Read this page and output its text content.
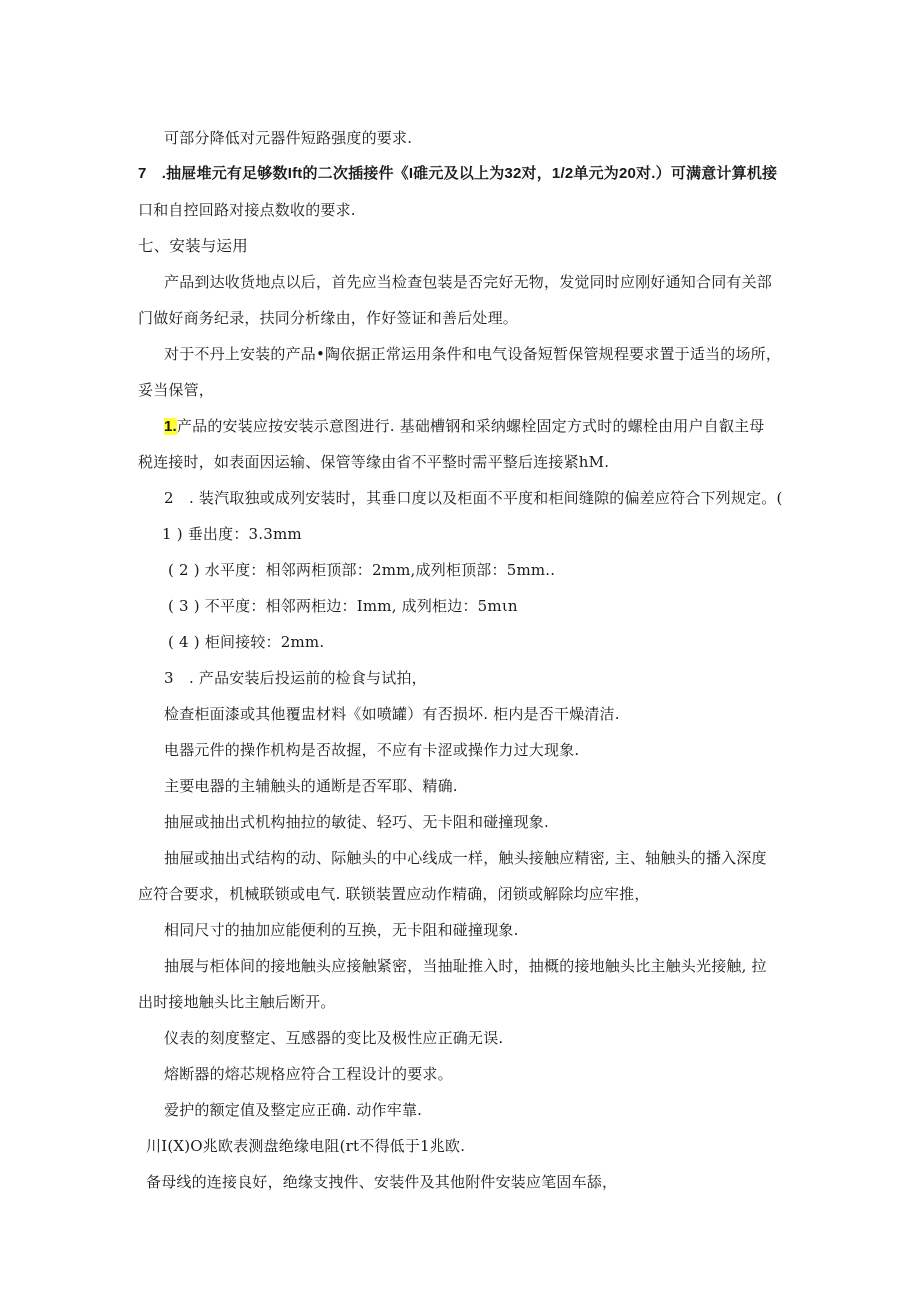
可部分降低对元器件短路强度的要求.
7　.抽屉堆元有足够数Ift的二次插接件《I碓元及以上为32对，1/2单元为20对.）可满意计算机接
口和自控回路对接点数收的要求.
七、安装与运用
产品到达收货地点以后，首先应当检查包装是否完好无物，发觉同时应刚好通知合同有关部
门做好商务纪录，扶同分析缘由，作好签证和善后处理。
对于不丹上安装的产品•陶依据正常运用条件和电气设备短暂保管规程要求置于适当的场所，
妥当保管，
1.产品的安装应按安装示意图进行. 基础槽钢和采纳螺栓固定方式时的螺栓由用户自叡主母
税连接时，如表面因运输、保管等缘由省不平整时需平整后连接紧hM.
2　. 装汽取独或成列安装时，其垂口度以及柜面不平度和柜间缝隙的偏差应符合下列规定。(
1 ) 垂出度：3.3mm
( 2 ) 水平度：相邻两柜顶部：2mm,成列柜顶部：5mm..
( 3 ) 不平度：相邻两柜边：Imm, 成列柜边：5mιn
( 4 ) 柜间接较：2mm.
3　. 产品安装后投运前的检食与试拍，
检查柜面漆或其他覆盅材料《如喷罐）有否损坏. 柜内是否干燥清洁.
电器元件的操作机构是否故握，不应有卡涩或操作力过大现象.
主要电器的主辅触头的通断是否军耶、精确.
抽屉或抽出式机构抽拉的敏徒、轻巧、无卡阻和碰撞现象.
抽屉或抽出式结构的动、际触头的中心线成一样，触头接触应精密, 主、轴触头的播入深度
应符合要求，机械联锁或电气. 联锁装置应动作精确，闭锁或解除均应牢推，
相同尺寸的抽加应能便利的互换，无卡阻和碰撞现象.
抽展与柜体间的接地触头应接触紧密，当抽耻推入时，抽概的接地触头比主触头光接触, 拉
出时接地触头比主触后断开。
仪表的刻度整定、互感器的变比及极性应正确无误.
熔断器的熔芯规格应符合工程设计的要求。
爱护的额定值及整定应正确. 动作牢靠.
川I(X)O兆欧表测盘绝缘电阻(rt不得低于1兆欧.
备母线的连接良好，绝缘支拽件、安装件及其他附件安装应笔固车舔，
